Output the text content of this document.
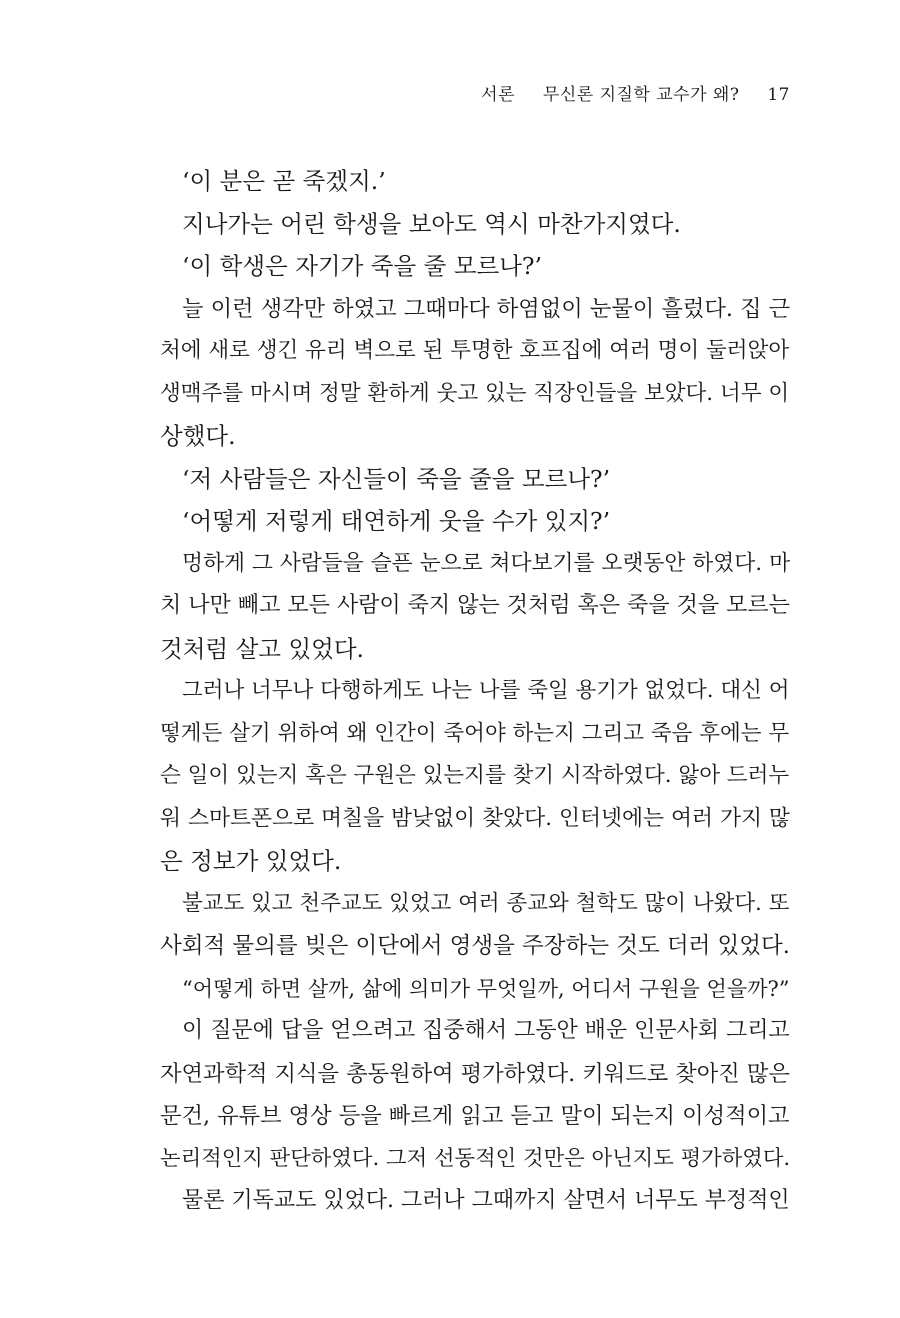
서론 무신론 지질학 교수가 왜? 17
‘이 분은 곧 죽겠지.’
지나가는 어린 학생을 보아도 역시 마찬가지였다.
‘이 학생은 자기가 죽을 줄 모르나?’
늘 이런 생각만 하였고 그때마다 하염없이 눈물이 흘렀다. 집 근
처에 새로 생긴 유리 벽으로 된 투명한 호프집에 여러 명이 둘러앉아
생맥주를 마시며 정말 환하게 웃고 있는 직장인들을 보았다. 너무 이
상했다.
‘저 사람들은 자신들이 죽을 줄을 모르나?’
‘어떻게 저렇게 태연하게 웃을 수가 있지?’
멍하게 그 사람들을 슬픈 눈으로 쳐다보기를 오랫동안 하였다. 마
치 나만 빼고 모든 사람이 죽지 않는 것처럼 혹은 죽을 것을 모르는
것처럼 살고 있었다.
그러나 너무나 다행하게도 나는 나를 죽일 용기가 없었다. 대신 어
떻게든 살기 위하여 왜 인간이 죽어야 하는지 그리고 죽음 후에는 무
슨 일이 있는지 혹은 구원은 있는지를 찾기 시작하였다. 앓아 드러누
워 스마트폰으로 며칠을 밤낮없이 찾았다. 인터넷에는 여러 가지 많
은 정보가 있었다.
불교도 있고 천주교도 있었고 여러 종교와 철학도 많이 나왔다. 또
사회적 물의를 빚은 이단에서 영생을 주장하는 것도 더러 있었다.
“어떻게 하면 살까, 삶에 의미가 무엇일까, 어디서 구원을 얻을까?”
이 질문에 답을 얻으려고 집중해서 그동안 배운 인문사회 그리고
자연과학적 지식을 총동원하여 평가하였다. 키워드로 찾아진 많은
문건, 유튜브 영상 등을 빠르게 읽고 듣고 말이 되는지 이성적이고
논리적인지 판단하였다. 그저 선동적인 것만은 아닌지도 평가하였다.
물론 기독교도 있었다. 그러나 그때까지 살면서 너무도 부정적인
